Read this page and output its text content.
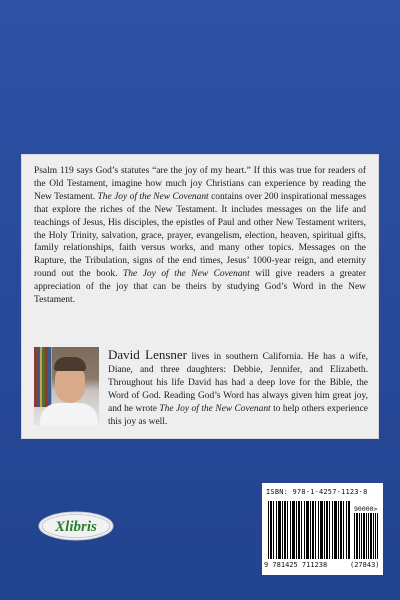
Psalm 119 says God’s statutes “are the joy of my heart.” If this was true for readers of the Old Testament, imagine how much joy Christians can experience by reading the New Testament. The Joy of the New Covenant contains over 200 inspirational messages that explore the riches of the New Testament. It includes messages on the life and teachings of Jesus, His disciples, the epistles of Paul and other New Testament writers, the Holy Trinity, salvation, grace, prayer, evangelism, election, heaven, spiritual gifts, family relationships, faith versus works, and many other topics. Messages on the Rapture, the Tribulation, signs of the end times, Jesus’ 1000-year reign, and eternity round out the book. The Joy of the New Covenant will give readers a greater appreciation of the joy that can be theirs by studying God’s Word in the New Testament.

David Lensner lives in southern California. He has a wife, Diane, and three daughters: Debbie, Jennifer, and Elizabeth. Throughout his life David has had a deep love for the Bible, the Word of God. Reading God’s Word has always given him great joy, and he wrote The Joy of the New Covenant to help others experience this joy as well.

Xlibris
ISBN: 978-1-4257-1123-8
90000>
9 781425 711238	(27843)
